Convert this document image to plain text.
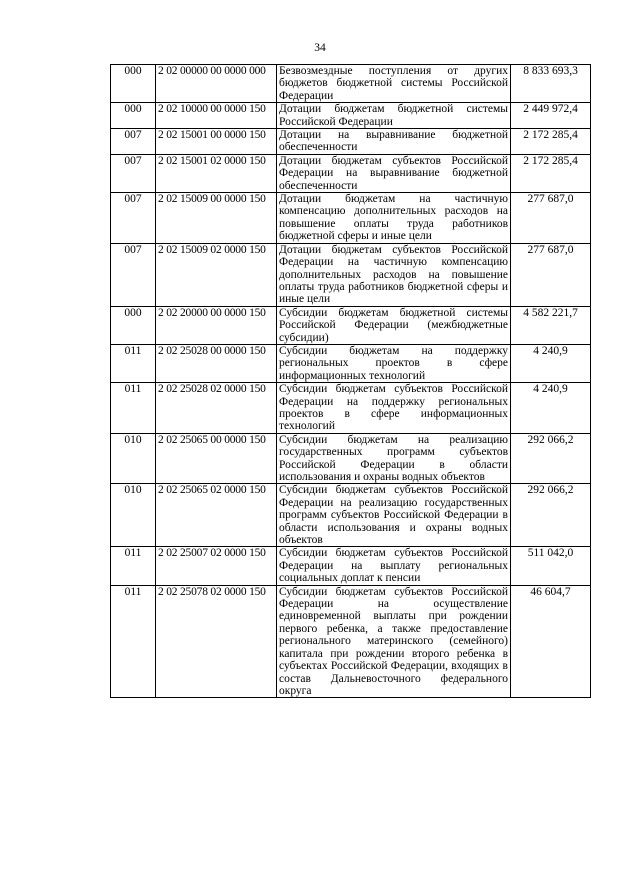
34
000	2 02 00000 00 0000 000	Безвозмездные поступления от других бюджетов бюджетной системы Российской Федерации	8 833 693,3
000	2 02 10000 00 0000 150	Дотации бюджетам бюджетной системы Российской Федерации	2 449 972,4
007	2 02 15001 00 0000 150	Дотации на выравнивание бюджетной обеспеченности	2 172 285,4
007	2 02 15001 02 0000 150	Дотации бюджетам субъектов Российской Федерации на выравнивание бюджетной обеспеченности	2 172 285,4
007	2 02 15009 00 0000 150	Дотации бюджетам на частичную компенсацию дополнительных расходов на повышение оплаты труда работников бюджетной сферы и иные цели	277 687,0
007	2 02 15009 02 0000 150	Дотации бюджетам субъектов Российской Федерации на частичную компенсацию дополнительных расходов на повышение оплаты труда работников бюджетной сферы и иные цели	277 687,0
000	2 02 20000 00 0000 150	Субсидии бюджетам бюджетной системы Российской Федерации (межбюджетные субсидии)	4 582 221,7
011	2 02 25028 00 0000 150	Субсидии бюджетам на поддержку региональных проектов в сфере информационных технологий	4 240,9
011	2 02 25028 02 0000 150	Субсидии бюджетам субъектов Российской Федерации на поддержку региональных проектов в сфере информационных технологий	4 240,9
010	2 02 25065 00 0000 150	Субсидии бюджетам на реализацию государственных программ субъектов Российской Федерации в области использования и охраны водных объектов	292 066,2
010	2 02 25065 02 0000 150	Субсидии бюджетам субъектов Российской Федерации на реализацию государственных программ субъектов Российской Федерации в области использования и охраны водных объектов	292 066,2
011	2 02 25007 02 0000 150	Субсидии бюджетам субъектов Российской Федерации на выплату региональных социальных доплат к пенсии	511 042,0
011	2 02 25078 02 0000 150	Субсидии бюджетам субъектов Российской Федерации на осуществление единовременной выплаты при рождении первого ребенка, а также предоставление регионального материнского (семейного) капитала при рождении второго ребенка в субъектах Российской Федерации, входящих в состав Дальневосточного федерального округа	46 604,7
